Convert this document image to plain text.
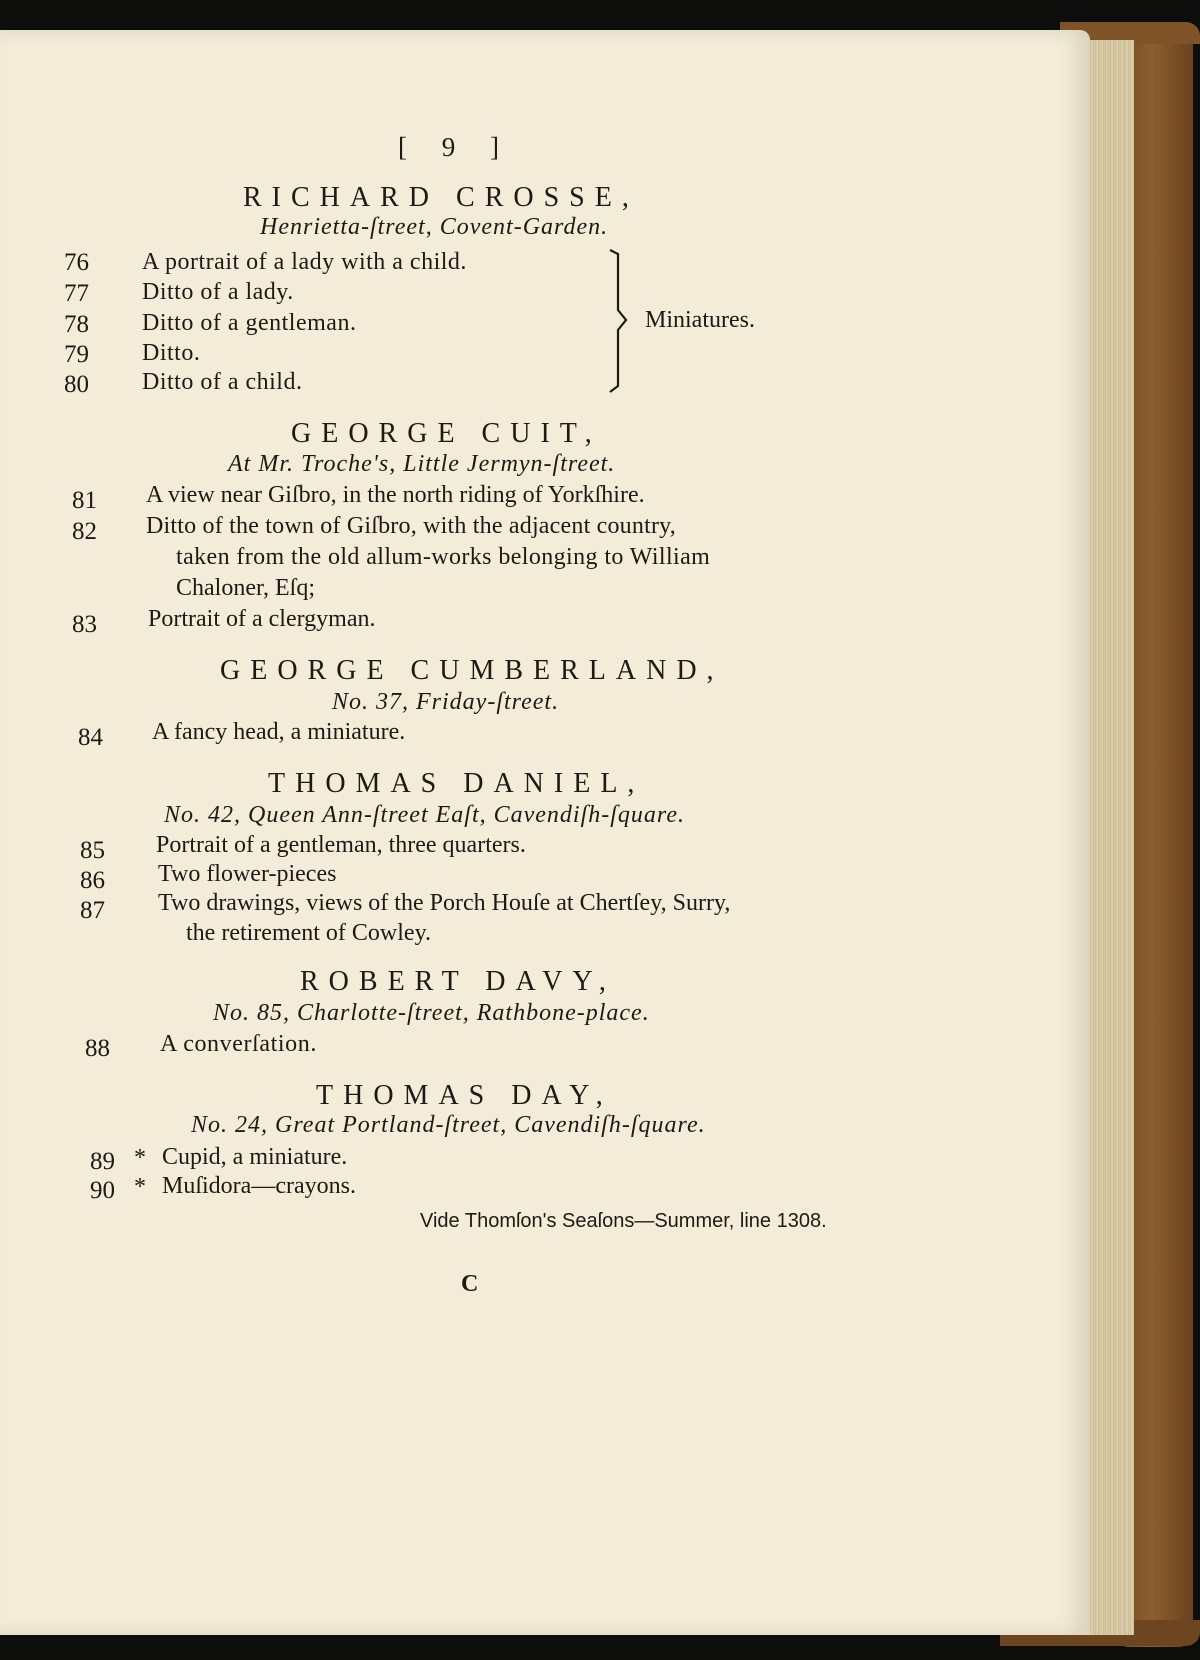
[ 9 ]
RICHARD CROSSE,
Henrietta-ſtreet, Covent-Garden.
76 A portrait of a lady with a child.
77 Ditto of a lady.
78 Ditto of a gentleman.
79 Ditto.
80 Ditto of a child.
Miniatures.
GEORGE CUIT,
At Mr. Troche's, Little Jermyn-ſtreet.
81 A view near Giſbro, in the north riding of Yorkſhire.
82 Ditto of the town of Giſbro, with the adjacent country,
taken from the old allum-works belonging to William
Chaloner, Eſq;
83 Portrait of a clergyman.
GEORGE CUMBERLAND,
No. 37, Friday-ſtreet.
84 A fancy head, a miniature.
THOMAS DANIEL,
No. 42, Queen Ann-ſtreet Eaſt, Cavendiſh-ſquare.
85 Portrait of a gentleman, three quarters.
86 Two flower-pieces
87 Two drawings, views of the Porch Houſe at Chertſey, Surry,
the retirement of Cowley.
ROBERT DAVY,
No. 85, Charlotte-ſtreet, Rathbone-place.
88 A converſation.
THOMAS DAY,
No. 24, Great Portland-ſtreet, Cavendiſh-ſquare.
89 * Cupid, a miniature.
90 * Muſidora—crayons.
Vide Thomſon's Seaſons—Summer, line 1308.
C
